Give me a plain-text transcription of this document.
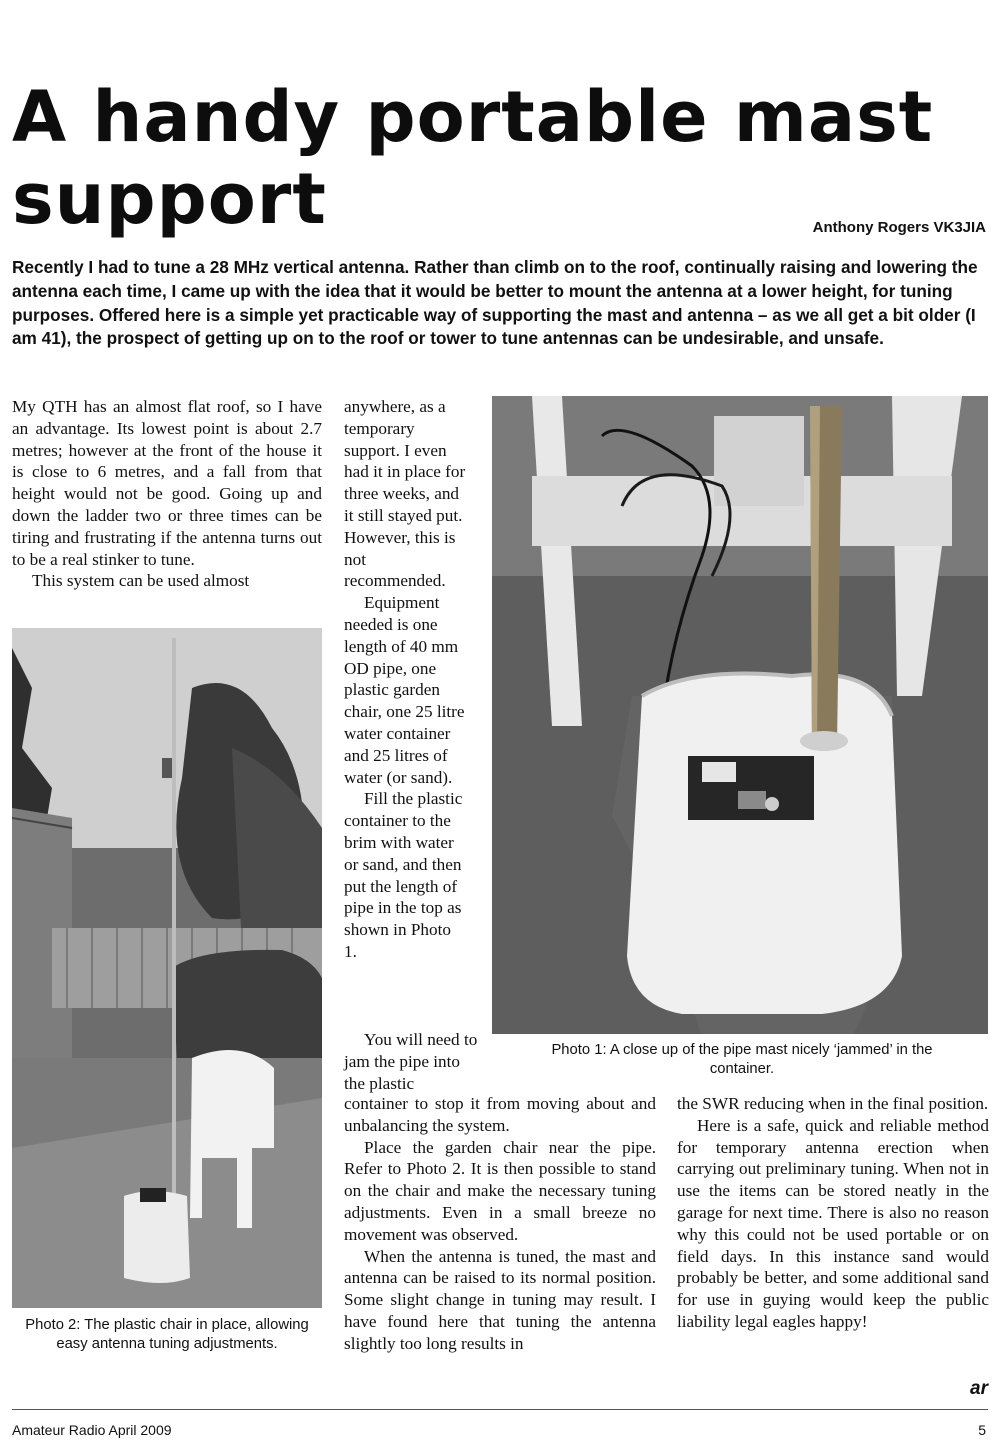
A handy portable mast support	Anthony Rogers VK3JIA

Recently I had to tune a 28 MHz vertical antenna. Rather than climb on to the roof, continually raising and lowering the antenna each time, I came up with the idea that it would be better to mount the antenna at a lower height, for tuning purposes. Offered here is a simple yet practicable way of supporting the mast and antenna – as we all get a bit older (I am 41), the prospect of getting up on to the roof or tower to tune antennas can be undesirable, and unsafe.

My QTH has an almost flat roof, so I have an advantage. Its lowest point is about 2.7 metres; however at the front of the house it is close to 6 metres, and a fall from that height would not be good. Going up and down the ladder two or three times can be tiring and frustrating if the antenna turns out to be a real stinker to tune.

This system can be used almost

anywhere, as a temporary support. I even had it in place for three weeks, and it still stayed put. However, this is not recommended.

Equipment needed is one length of 40 mm OD pipe, one plastic garden chair, one 25 litre water container and 25 litres of water (or sand).

Fill the plastic container to the brim with water or sand, and then put the length of pipe in the top as shown in Photo 1.

You will need to jam the pipe into the plastic

container to stop it from moving about and unbalancing the system.

Place the garden chair near the pipe. Refer to Photo 2. It is then possible to stand on the chair and make the necessary tuning adjustments. Even in a small breeze no movement was observed.

When the antenna is tuned, the mast and antenna can be raised to its normal position. Some slight change in tuning may result. I have found here that tuning the antenna slightly too long results in

the SWR reducing when in the final position.

Here is a safe, quick and reliable method for temporary antenna erection when carrying out preliminary tuning. When not in use the items can be stored neatly in the garage for next time. There is also no reason why this could not be used portable or on field days. In this instance sand would probably be better, and some additional sand for use in guying would keep the public liability legal eagles happy!

Photo 1: A close up of the pipe mast nicely ‘jammed’ in the container.

Photo 2: The plastic chair in place, allowing easy antenna tuning adjustments.

ar
Amateur Radio April 2009	5
